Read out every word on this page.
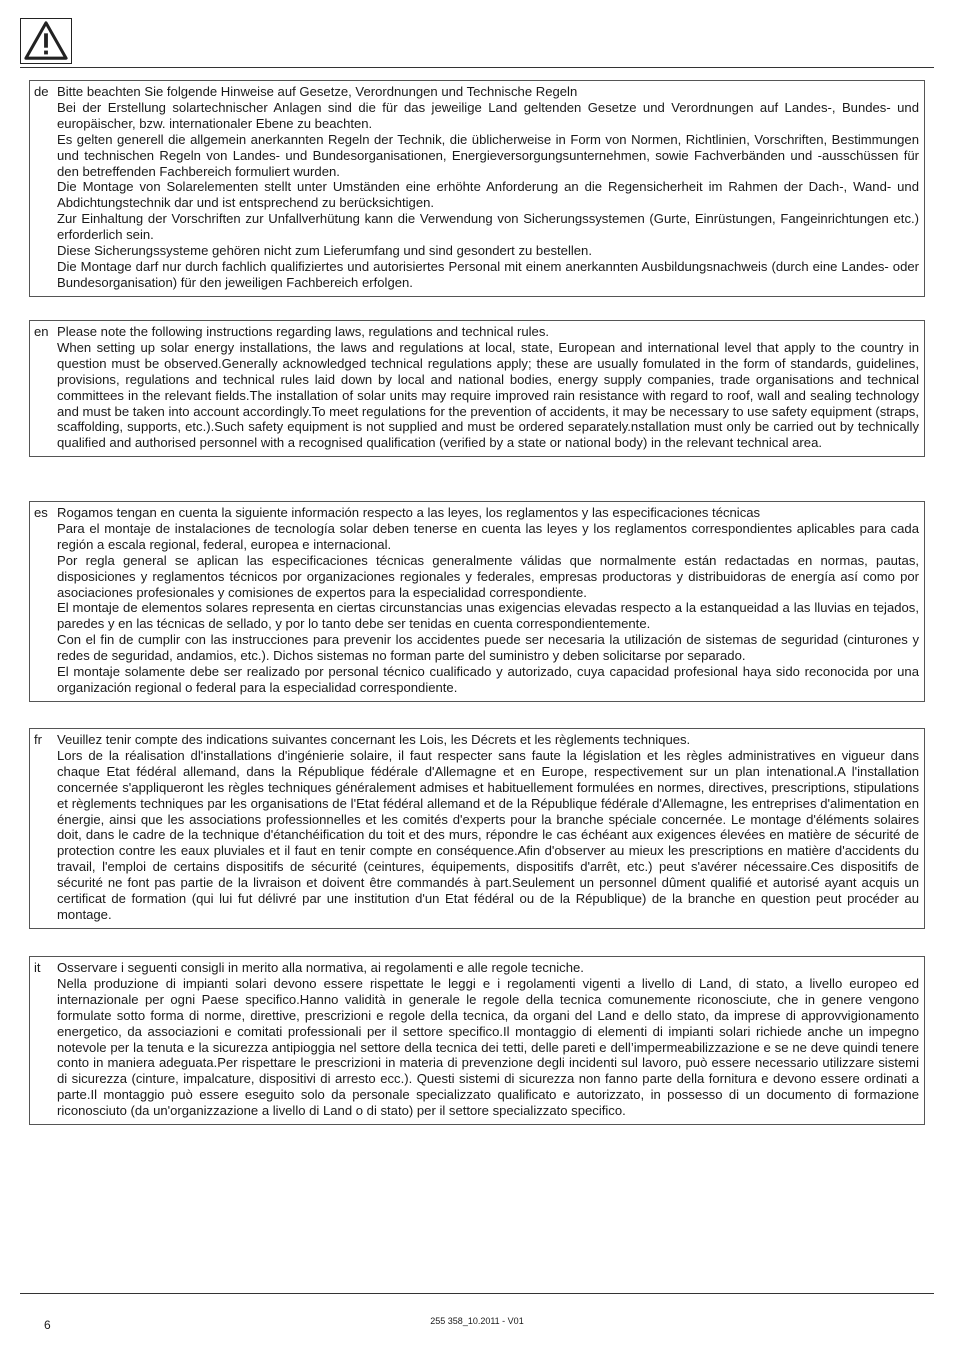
de Bitte beachten Sie folgende Hinweise auf Gesetze, Verordnungen und Technische Regeln

Bei der Erstellung solartechnischer Anlagen sind die für das jeweilige Land geltenden Gesetze und Verordnungen auf Landes-, Bundes- und europäischer, bzw. internationaler Ebene zu beachten.

Es gelten generell die allgemein anerkannten Regeln der Technik, die üblicherweise in Form von Normen, Richtlinien, Vorschriften, Bestimmungen und technischen Regeln von Landes- und Bundesorganisationen, Energieversorgungsunternehmen, sowie Fachverbänden und -ausschüssen für den betreffenden Fachbereich formuliert wurden.

Die Montage von Solarelementen stellt unter Umständen eine erhöhte Anforderung an die Regensicherheit im Rahmen der Dach-, Wand- und Abdichtungstechnik dar und ist entsprechend zu berücksichtigen.

Zur Einhaltung der Vorschriften zur Unfallverhütung kann die Verwendung von Sicherungssystemen (Gurte, Einrüstungen, Fangeinrichtungen etc.) erforderlich sein.

Diese Sicherungssysteme gehören nicht zum Lieferumfang und sind gesondert zu bestellen.

Die Montage darf nur durch fachlich qualifiziertes und autorisiertes Personal mit einem anerkannten Ausbildungsnachweis (durch eine Landes- oder Bundesorganisation) für den jeweiligen Fachbereich erfolgen.

en Please note the following instructions regarding laws, regulations and technical rules.

When setting up solar energy installations, the laws and regulations at local, state, European and international level that apply to the country in question must be observed.Generally acknowledged technical regulations apply; these are usually fomulated in the form of standards, guidelines, provisions, regulations and technical rules laid down by local and national bodies, energy supply companies, trade organisations and technical committees in the relevant fields.The installation of solar units may require improved rain resistance with regard to roof, wall and sealing technology and must be taken into account accordingly.To meet regulations for the prevention of accidents, it may be necessary to use safety equipment (straps, scaffolding, supports, etc.).Such safety equipment is not supplied and must be ordered separately.nstallation must only be carried out by technically qualified and authorised personnel with a recognised qualification (verified by a state or national body) in the relevant technical area.

es Rogamos tengan en cuenta la siguiente información respecto a las leyes, los reglamentos y las especificaciones técnicas

Para el montaje de instalaciones de tecnología solar deben tenerse en cuenta las leyes y los reglamentos correspondientes aplicables para cada región a escala regional, federal, europea e internacional.

Por regla general se aplican las especificaciones técnicas generalmente válidas que normalmente están redactadas en normas, pautas, disposiciones y reglamentos técnicos por organizaciones regionales y federales, empresas productoras y distribuidoras de energía así como por asociaciones profesionales y comisiones de expertos para la especialidad correspondiente.

El montaje de elementos solares representa en ciertas circunstancias unas exigencias elevadas respecto a la estanqueidad a las lluvias en tejados, paredes y en las técnicas de sellado, y por lo tanto debe ser tenidas en cuenta correspondientemente.

Con el fin de cumplir con las instrucciones para prevenir los accidentes puede ser necesaria la utilización de sistemas de seguridad (cinturones y redes de seguridad, andamios, etc.). Dichos sistemas no forman parte del suministro y deben solicitarse por separado.

El montaje solamente debe ser realizado por personal técnico cualificado y autorizado, cuya capacidad profesional haya sido reconocida por una organización regional o federal para la especialidad correspondiente.

fr	Veuillez tenir compte des indications suivantes concernant les Lois, les Décrets et les règlements techniques.

Lors de la réalisation dl'installations d'ingénierie solaire, il faut respecter sans faute la législation et les règles administratives en vigueur dans chaque Etat fédéral allemand, dans la République fédérale d'Allemagne et en Europe, respectivement sur un plan intenational.A l'installation concernée s'appliqueront les règles techniques généralement admises et habituellement formulées en normes, directives, prescriptions, stipulations et règlements techniques par les organisations de l'Etat fédéral allemand et de la République fédérale d'Allemagne, les entreprises d'alimentation en énergie, ainsi que les associations professionnelles et les comités d'experts pour la branche spéciale concernée. Le montage d'éléments solaires doit, dans le cadre de la technique d'étanchéification du toit et des murs, répondre le cas échéant aux exigences élevées en matière de sécurité de protection contre les eaux pluviales et il faut en tenir compte en conséquence.Afin d'observer au mieux les prescriptions en matière d'accidents du travail, l'emploi de certains dispositifs de sécurité (ceintures, équipements, dispositifs d'arrêt, etc.) peut s'avérer nécessaire.Ces dispositifs de sécurité ne font pas partie de la livraison et doivent être commandés à part.Seulement un personnel dûment qualifié et autorisé ayant acquis un certificat de formation (qui lui fut délivré par une institution d'un Etat fédéral ou de la République) de la branche en question peut procéder au montage.

it	Osservare i seguenti consigli in merito alla normativa, ai regolamenti e alle regole tecniche.

Nella produzione di impianti solari devono essere rispettate le leggi e i regolamenti vigenti a livello di Land, di stato, a livello europeo ed internazionale per ogni Paese specifico.Hanno validità in generale le regole della tecnica comunemente riconosciute, che in genere vengono formulate sotto forma di norme, direttive, prescrizioni e regole della tecnica, da organi del Land e dello stato, da imprese di approvvigionamento energetico, da associazioni e comitati professionali per il settore specifico.Il montaggio di elementi di impianti solari richiede anche un impegno notevole per la tenuta e la sicurezza antipioggia nel settore della tecnica dei tetti, delle pareti e dell’impermeabilizzazione e se ne deve quindi tenere conto in maniera adeguata.Per rispettare le prescrizioni in materia di prevenzione degli incidenti sul lavoro, può essere necessario utilizzare sistemi di sicurezza (cinture, impalcature, dispositivi di arresto ecc.). Questi sistemi di sicurezza non fanno parte della fornitura e devono essere ordinati a parte.Il montaggio può essere eseguito solo da personale specializzato qualificato e autorizzato, in possesso di un documento di formazione riconosciuto (da un'organizzazione a livello di Land o di stato) per il settore specializzato specifico.

6	255 358_10.2011 - V01
